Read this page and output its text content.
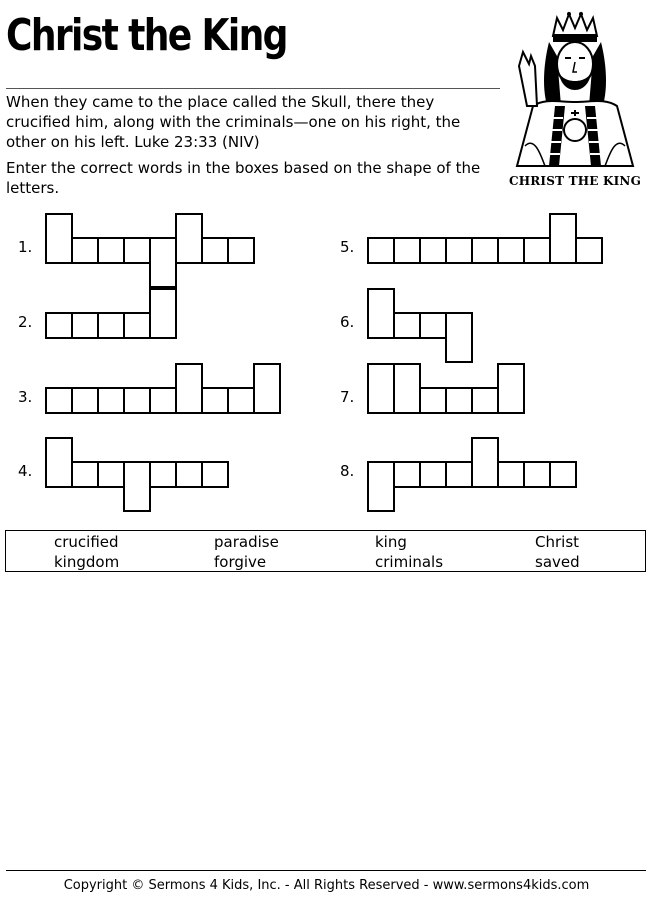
Christ the King

When they came to the place called the Skull, there they crucified him, along with the criminals—one on his right, the other on his left. Luke 23:33 (NIV)

Enter the correct words in the boxes based on the shape of the letters.	CHRIST THE KING
1.
2.
3.
4.
5.
6.
7.
8.
crucified	paradise	king	Christ
kingdom	forgive	criminals	saved
Copyright © Sermons 4 Kids, Inc. - All Rights Reserved - www.sermons4kids.com
